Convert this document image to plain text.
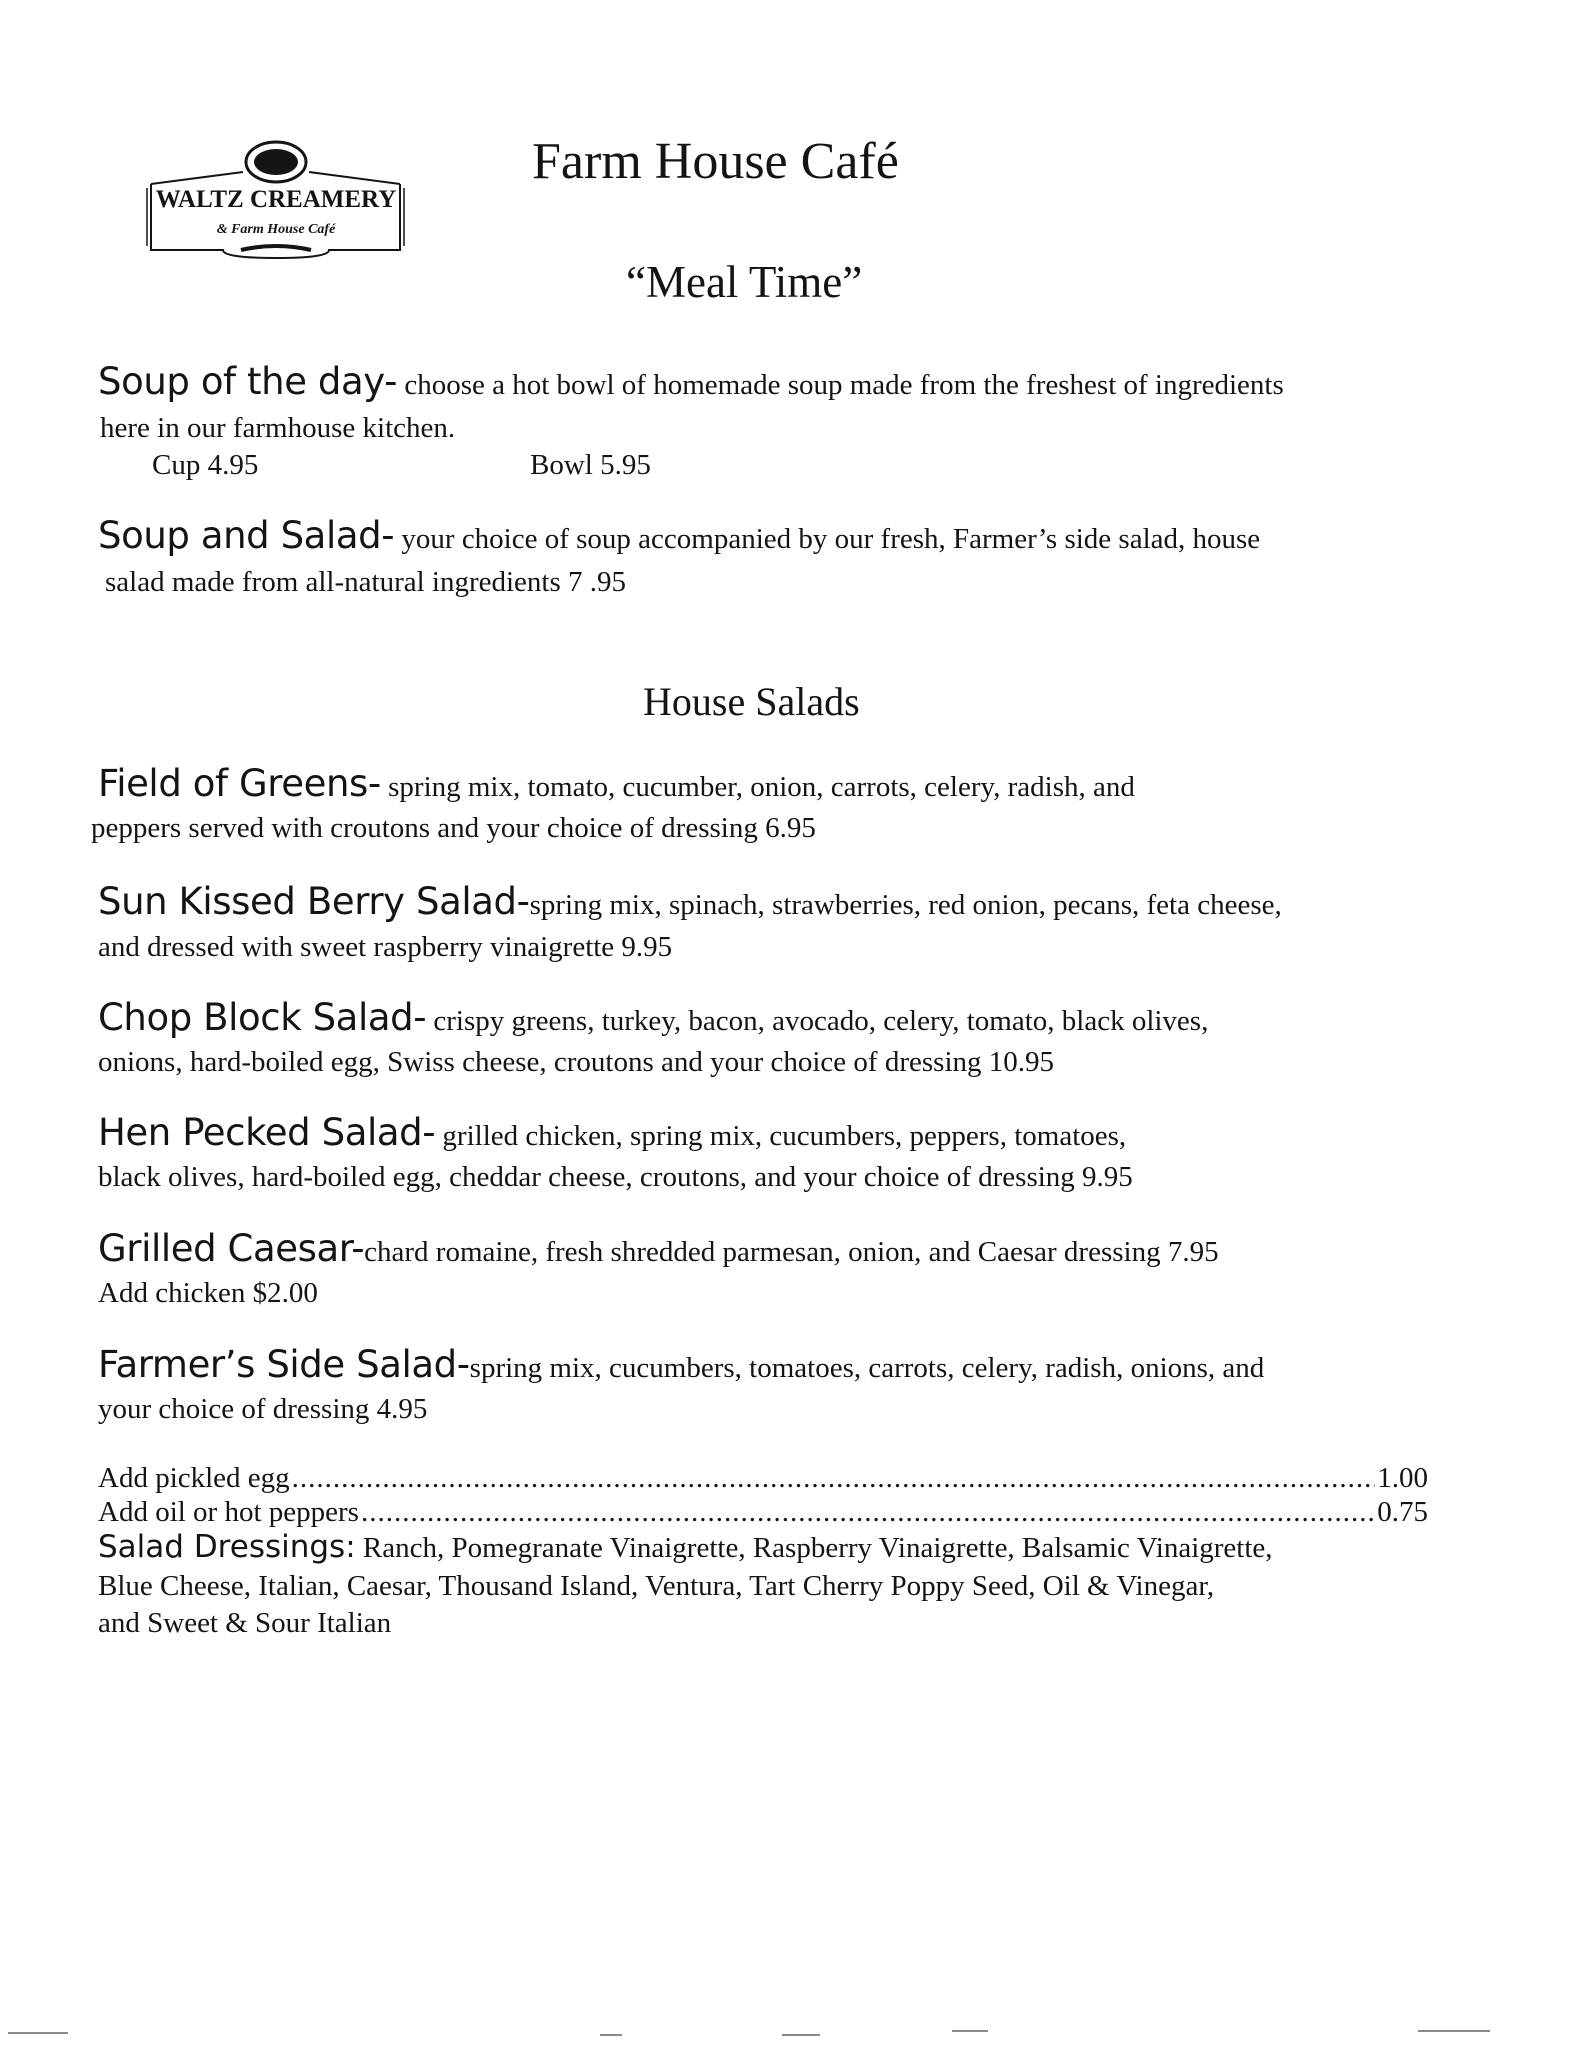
WALTZ CREAMERY
& Farm House Café
Farm House Café
“Meal Time”
Soup of the day- choose a hot bowl of homemade soup made from the freshest of ingredients
here in our farmhouse kitchen.
Cup 4.95	Bowl 5.95
Soup and Salad- your choice of soup accompanied by our fresh, Farmer’s side salad, house
salad made from all-natural ingredients 7 .95
House Salads
Field of Greens- spring mix, tomato, cucumber, onion, carrots, celery, radish, and
peppers served with croutons and your choice of dressing 6.95
Sun Kissed Berry Salad-spring mix, spinach, strawberries, red onion, pecans, feta cheese,
and dressed with sweet raspberry vinaigrette 9.95
Chop Block Salad- crispy greens, turkey, bacon, avocado, celery, tomato, black olives,
onions, hard-boiled egg, Swiss cheese, croutons and your choice of dressing 10.95
Hen Pecked Salad- grilled chicken, spring mix, cucumbers, peppers, tomatoes,
black olives, hard-boiled egg, cheddar cheese, croutons, and your choice of dressing 9.95
Grilled Caesar-chard romaine, fresh shredded parmesan, onion, and Caesar dressing 7.95
Add chicken $2.00
Farmer’s Side Salad-spring mix, cucumbers, tomatoes, carrots, celery, radish, onions, and
your choice of dressing 4.95
Add pickled egg .....	1.00
Add oil or hot peppers .....	0.75
Salad Dressings: Ranch, Pomegranate Vinaigrette, Raspberry Vinaigrette, Balsamic Vinaigrette,
Blue Cheese, Italian, Caesar, Thousand Island, Ventura, Tart Cherry Poppy Seed, Oil & Vinegar,
and Sweet & Sour Italian
